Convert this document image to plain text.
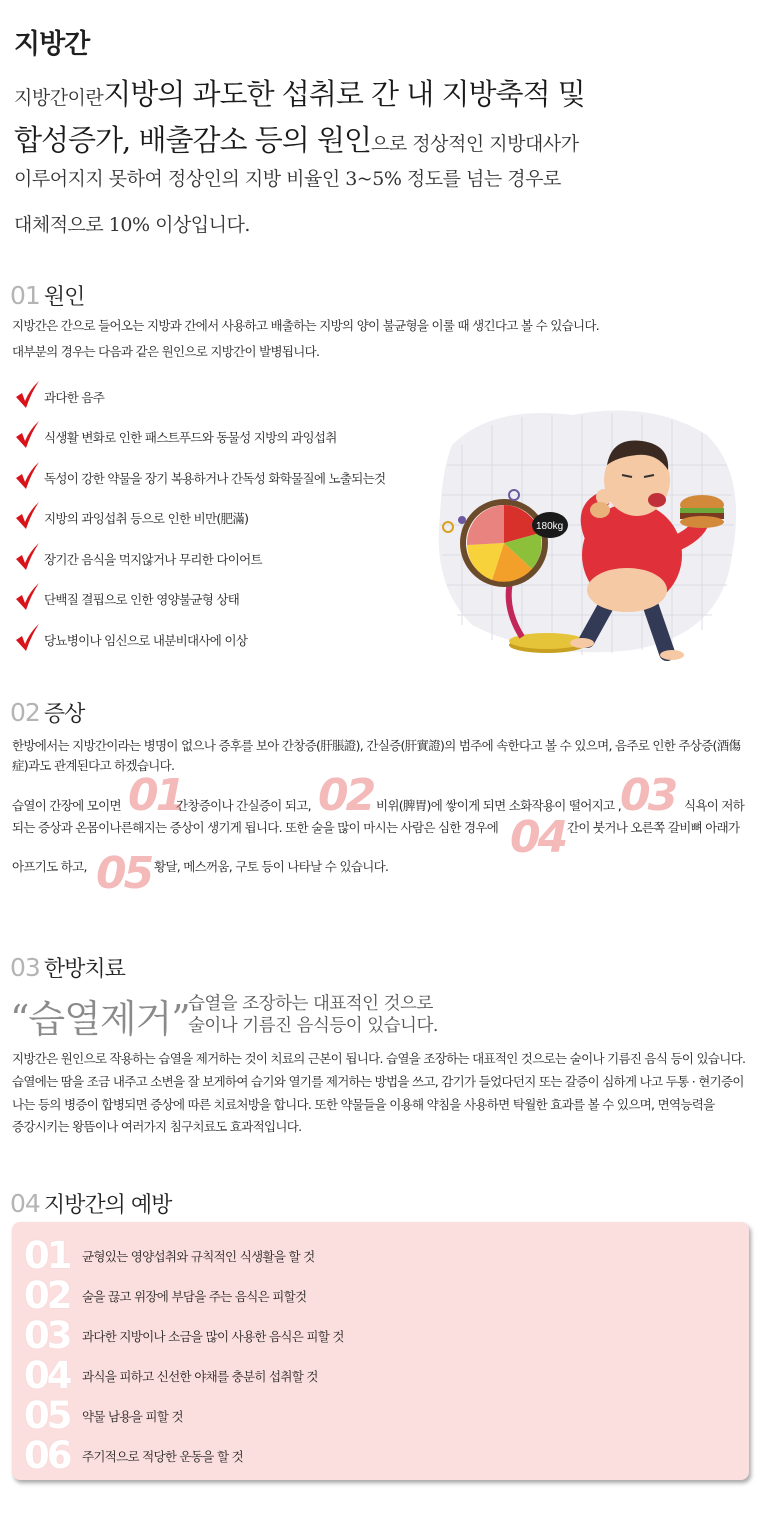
지방간
지방간이란 지방의 과도한 섭취로 간 내 지방축적 및
합성증가, 배출감소 등의 원인 으로 정상적인 지방대사가
이루어지지 못하여 정상인의 지방 비율인 3~5% 정도를 넘는 경우로
대체적으로 10% 이상입니다.
01 원인
지방간은 간으로 들어오는 지방과 간에서 사용하고 배출하는 지방의 양이 불균형을 이룰 때 생긴다고 볼 수 있습니다.
대부분의 경우는 다음과 같은 원인으로 지방간이 발병됩니다.
과다한 음주
식생활 변화로 인한 패스트푸드와 동물성 지방의 과잉섭취
독성이 강한 약물을 장기 복용하거나 간독성 화학물질에 노출되는것
지방의 과잉섭취 등으로 인한 비만(肥滿)
장기간 음식을 먹지않거나 무리한 다이어트
단백질 결핍으로 인한 영양불균형 상태
당뇨병이나 임신으로 내분비대사에 이상
180kg
02 증상
한방에서는 지방간이라는 병명이 없으나 증후를 보아 간창증(肝脹證), 간실증(肝實證)의 범주에 속한다고 볼 수 있으며, 음주로 인한 주상증(酒傷
症)과도 관계된다고 하겠습니다.
01	02	03
04
05
습열이 간장에 모이면	간창증이나 간실증이 되고,	비위(脾胃)에 쌓이게 되면 소화작용이 떨어지고 ,	식욕이 저하
되는 증상과 온몸이나른해지는 증상이 생기게 됩니다. 또한 술을 많이 마시는 사람은 심한 경우에	간이 붓거나 오른쪽 갈비뼈 아래가
아프기도 하고,	황달, 메스꺼움, 구토 등이 나타날 수 있습니다.
03 한방치료
“습열제거”
습열을 조장하는 대표적인 것으로
술이나 기름진 음식등이 있습니다.
지방간은 원인으로 작용하는 습열을 제거하는 것이 치료의 근본이 됩니다. 습열을 조장하는 대표적인 것으로는 술이나 기름진 음식 등이 있습니다.
습열에는 땀을 조금 내주고 소변을 잘 보게하여 습기와 열기를 제거하는 방법을 쓰고, 감기가 들었다던지 또는 갈증이 심하게 나고 두통 · 현기증이
나는 등의 병증이 합병되면 증상에 따른 치료처방을 합니다. 또한 약물들을 이용해 약침을 사용하면 탁월한 효과를 볼 수 있으며, 면역능력을
증강시키는 왕뜸이나 여러가지 침구치료도 효과적입니다.
04 지방간의 예방
01	균형있는 영양섭취와 규칙적인 식생활을 할 것
02	술을 끊고 위장에 부담을 주는 음식은 피할것
03	과다한 지방이나 소금을 많이 사용한 음식은 피할 것
04	과식을 피하고 신선한 야채를 충분히 섭취할 것
05	약물 남용을 피할 것
06	주기적으로 적당한 운동을 할 것
